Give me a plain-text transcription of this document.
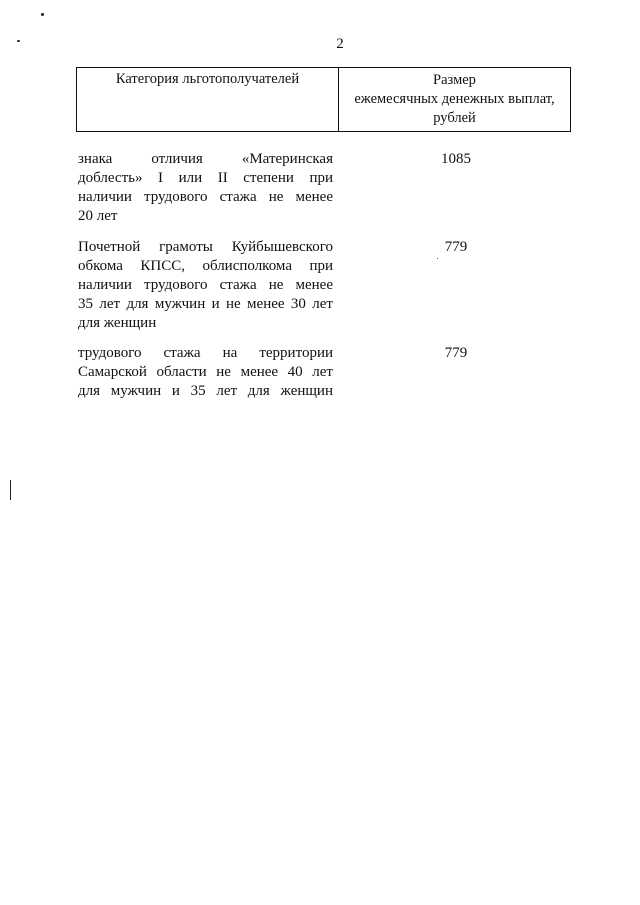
2
Категория льготополучателей	Размер
ежемесячных денежных выплат,
рублей
знака отличия «Материнская
доблесть» I или II степени при
наличии трудового стажа не менее
20 лет
1085
Почетной грамоты Куйбышевского
обкома КПСС, облисполкома при
наличии трудового стажа не менее
35 лет для мужчин и не менее 30 лет
для женщин
779
трудового стажа на территории
Самарской области не менее 40 лет
для мужчин и 35 лет для женщин
779
